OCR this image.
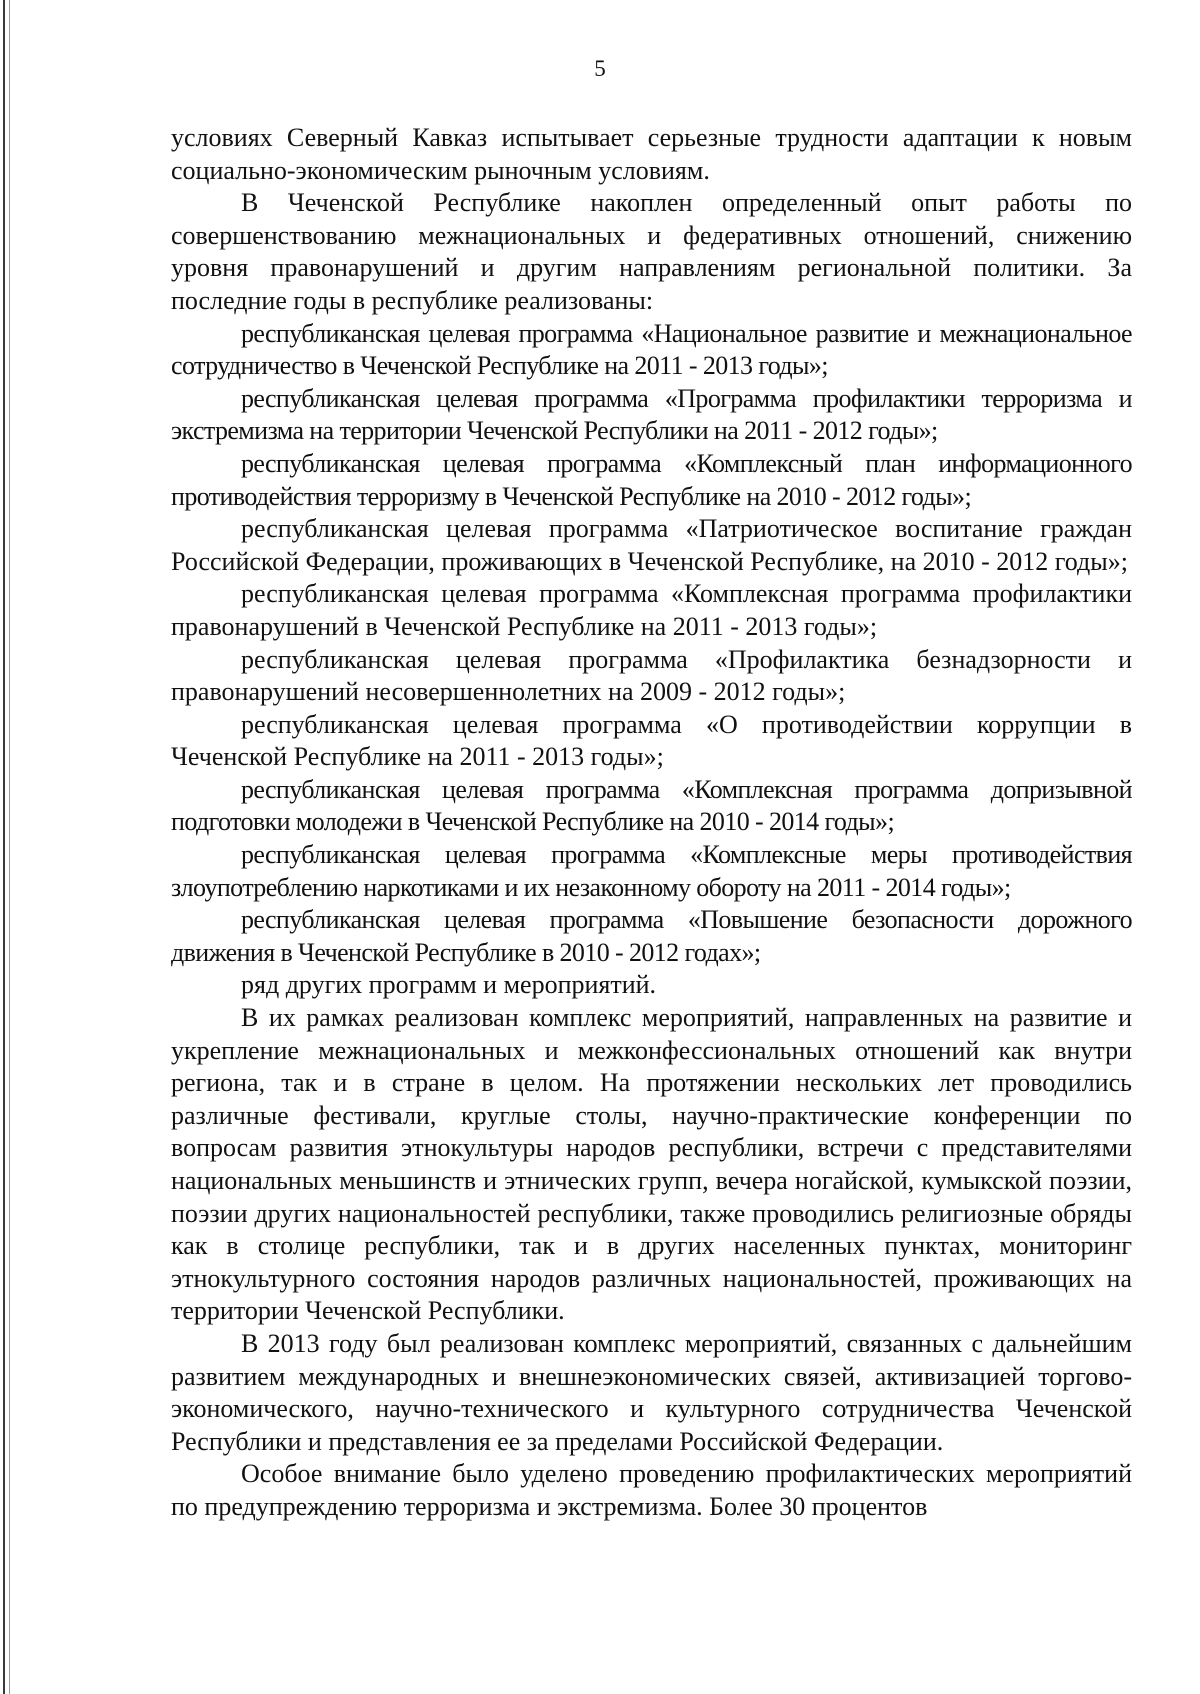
5

условиях Северный Кавказ испытывает серьезные трудности адаптации к новым социально-экономическим рыночным условиям.

В Чеченской Республике накоплен определенный опыт работы по совершенствованию межнациональных и федеративных отношений, снижению уровня правонарушений и другим направлениям региональной политики. За последние годы в республике реализованы:

республиканская целевая программа «Национальное развитие и межнациональное сотрудничество в Чеченской Республике на 2011 - 2013 годы»;

республиканская целевая программа «Программа профилактики терроризма и экстремизма на территории Чеченской Республики на 2011 - 2012 годы»;

республиканская целевая программа «Комплексный план информационного противодействия терроризму в Чеченской Республике на 2010 - 2012 годы»;

республиканская целевая программа «Патриотическое воспитание граждан Российской Федерации, проживающих в Чеченской Республике, на 2010 - 2012 годы»;

республиканская целевая программа «Комплексная программа профилактики правонарушений в Чеченской Республике на 2011 - 2013 годы»;

республиканская целевая программа «Профилактика безнадзорности и правонарушений несовершеннолетних на 2009 - 2012 годы»;

республиканская целевая программа «О противодействии коррупции в Чеченской Республике на 2011 - 2013 годы»;

республиканская целевая программа «Комплексная программа допризывной подготовки молодежи в Чеченской Республике на 2010 - 2014 годы»;

республиканская целевая программа «Комплексные меры противодействия злоупотреблению наркотиками и их незаконному обороту на 2011 - 2014 годы»;

республиканская целевая программа «Повышение безопасности дорожного движения в Чеченской Республике в 2010 - 2012 годах»;

ряд других программ и мероприятий.

В их рамках реализован комплекс мероприятий, направленных на развитие и укрепление межнациональных и межконфессиональных отношений как внутри региона, так и в стране в целом. На протяжении нескольких лет проводились различные фестивали, круглые столы, научно-практические конференции по вопросам развития этнокультуры народов республики, встречи с представителями национальных меньшинств и этнических групп, вечера ногайской, кумыкской поэзии, поэзии других национальностей республики, также проводились религиозные обряды как в столице республики, так и в других населенных пунктах, мониторинг этнокультурного состояния народов различных национальностей, проживающих на территории Чеченской Республики.

В 2013 году был реализован комплекс мероприятий, связанных с дальнейшим развитием международных и внешнеэкономических связей, активизацией торгово-экономического, научно-технического и культурного сотрудничества Чеченской Республики и представления ее за пределами Российской Федерации.

Особое внимание было уделено проведению профилактических мероприятий по предупреждению терроризма и экстремизма. Более 30 процентов
